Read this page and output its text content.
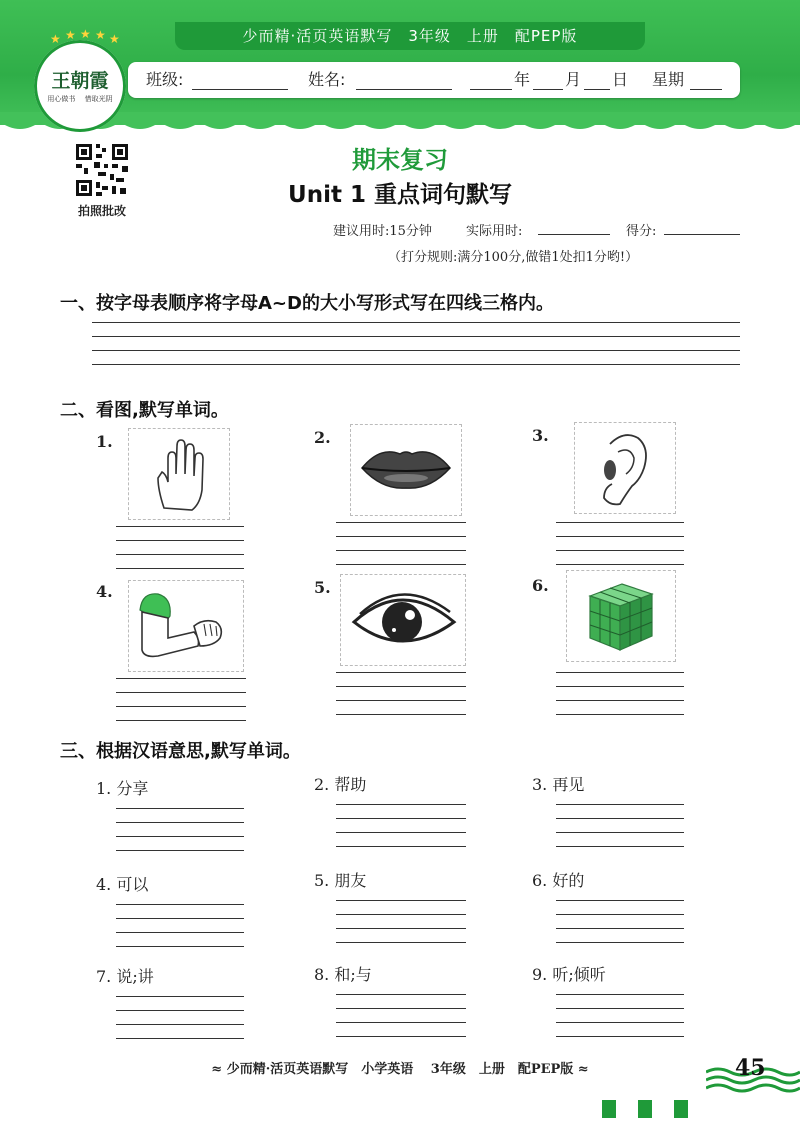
少而精·活页英语默写　3年级　上册　配PEP版
班级:	姓名:	年 月 日 星期
★ ★ ★ ★ ★
王朝霞
用心做书　 惜取光阴
拍照批改
期末复习
Unit 1 重点词句默写
建议用时:15分钟	实际用时:	得分:
（打分规则:满分100分,做错1处扣1分哟!）
一、按字母表顺序将字母A~D的大小写形式写在四线三格内。
二、看图,默写单词。
1.	2.	3.
4.	5.	6.
三、根据汉语意思,默写单词。
1. 分享	2. 帮助	3. 再见
4. 可以	5. 朋友	6. 好的
7. 说;讲	8. 和;与	9. 听;倾听
≈ 少而精·活页英语默写　小学英语　 3年级　上册　配PEP版 ≈	45
